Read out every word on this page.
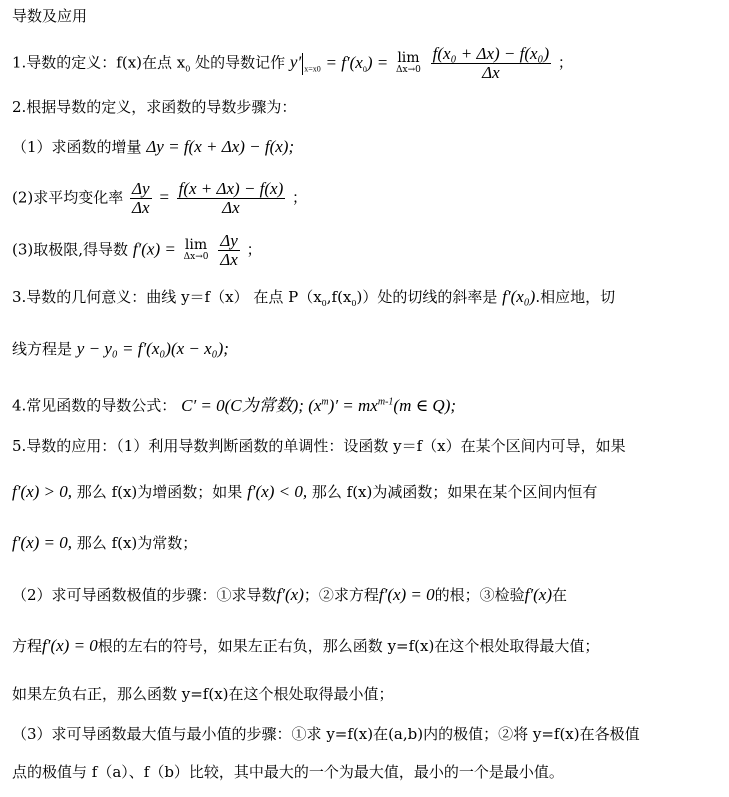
导数及应用
1.导数的定义：f(x)在点 $x_0$ 处的导数记作 y′ $_{x=x0} = f'(x_0) = \lim$
Δx→0
$\frac{\text{f(x₀ + Δx) − f(x₀)}}{\Delta x}$ ；
2.根据导数的定义，求函数的导数步骤为：
（1）求函数的增量 Δy = f(x + Δx) − f(x);
(2)求平均变化率 $\frac{\Delta y}{\Delta x} = \frac{f(x + \Delta x) - f(x)}{\Delta x}$ ；
(3)取极限,得导数 f′(x) = lim
Δx→0
$\frac{\Delta y}{\Delta x}$ ；
3.导数的几何意义：曲线 y＝f（x） 在点 $P(x_0,f(x_0))$处的切线的斜率是 f′(x₀).相应地，切
线方程是 y − y₀ = f′(x₀)(x − x₀);
4.常见函数的导数公式： C′ = 0(C为常数); $(x^m)' = mx^{m-1}(m$ ∈ Q);
5.导数的应用：（1）利用导数判断函数的单调性：设函数 y＝f（x）在某个区间内可导，如果
f′(x) > 0, 那么 f(x)为增函数；如果 f′(x) < 0, 那么 f(x)为减函数；如果在某个区间内恒有
f′(x) = 0, 那么 f(x)为常数；
（2）求可导函数极值的步骤：①求导数f′(x)；②求方程f′(x) = 0的根；③检验f′(x)在
方程f′(x) = 0根的左右的符号，如果左正右负，那么函数 y=f(x)在这个根处取得最大值；
如果左负右正，那么函数 y=f(x)在这个根处取得最小值；
（3）求可导函数最大值与最小值的步骤：①求 y=f(x)在(a,b)内的极值；②将 y=f(x)在各极值
点的极值与 f（a）、f（b）比较，其中最大的一个为最大值，最小的一个是最小值。
